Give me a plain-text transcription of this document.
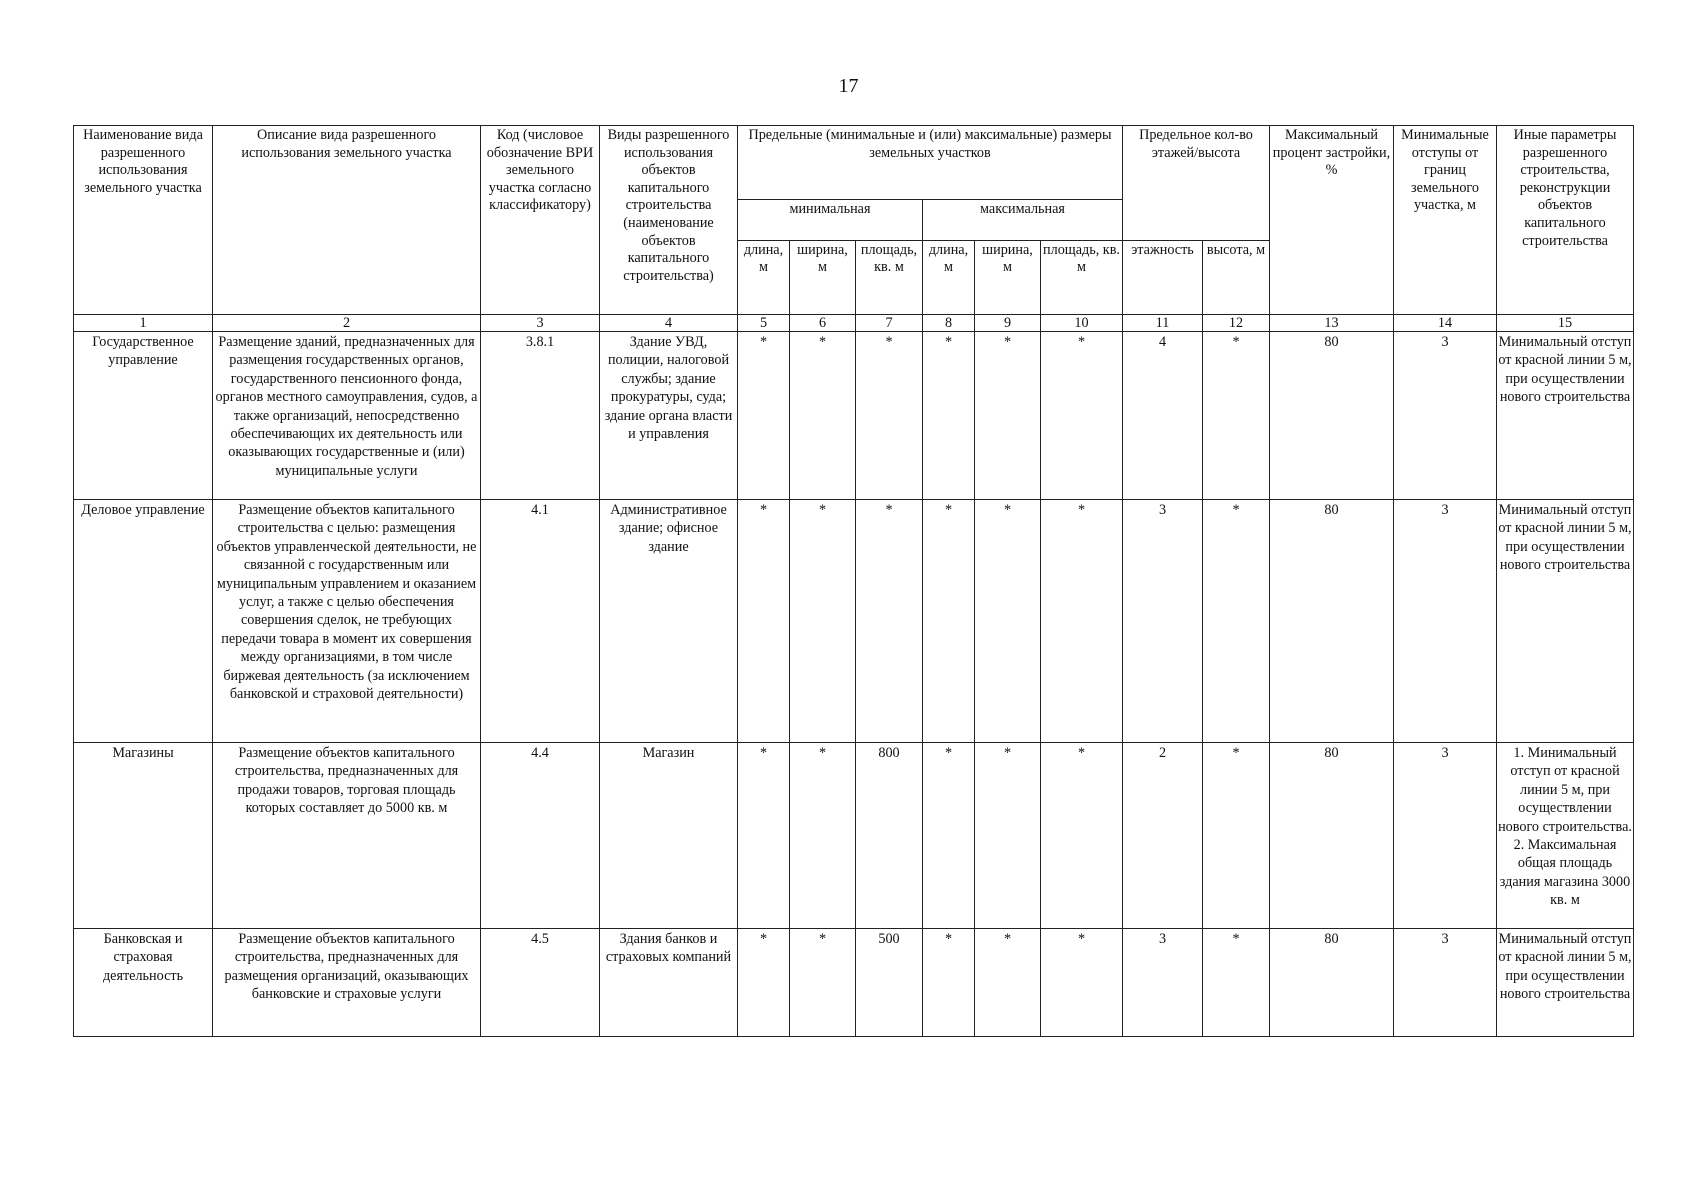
17
Наименование вида разрешенного использования земельного участка	Описание вида разрешенного использования земельного участка	Код (числовое обозначение ВРИ земельного участка согласно классификатору)	Виды разрешенного использования объектов капитального строительства (наименование объектов капитального строительства)	Предельные (минимальные и (или) максимальные) размеры земельных участков						Предельное кол-во этажей/высота		Максимальный процент застройки, %	Минимальные отступы от границ земельного участка, м	Иные параметры разрешенного строительства, реконструкции объектов капитального строительства
				минимальная			максимальная							
				длина, м	ширина, м	площадь, кв. м	длина, м	ширина, м	площадь, кв. м	этажность	высота, м			
1	2	3	4	5	6	7	8	9	10	11	12	13	14	15
Государственное управление	Размещение зданий, предназначенных для размещения государственных органов, государственного пенсионного фонда, органов местного самоуправления, судов, а также организаций, непосредственно обеспечивающих их деятельность или оказывающих государственные и (или) муниципальные услуги	3.8.1	Здание УВД, полиции, налоговой службы; здание прокуратуры, суда; здание органа власти и управления	*	*	*	*	*	*	4	*	80	3	Минимальный отступ от красной линии 5 м, при осуществлении нового строительства
Деловое управление	Размещение объектов капитального строительства с целью: размещения объектов управленческой деятельности, не связанной с государственным или муниципальным управлением и оказанием услуг, а также с целью обеспечения совершения сделок, не требующих передачи товара в момент их совершения между организациями, в том числе биржевая деятельность (за исключением банковской и страховой деятельности)	4.1	Административное здание; офисное здание	*	*	*	*	*	*	3	*	80	3	Минимальный отступ от красной линии 5 м, при осуществлении нового строительства
Магазины	Размещение объектов капитального строительства, предназначенных для продажи товаров, торговая площадь которых составляет до 5000 кв. м	4.4	Магазин	*	*	800	*	*	*	2	*	80	3	1. Минимальный отступ от красной линии 5 м, при осуществлении нового строительства. 2. Максимальная общая площадь здания магазина 3000 кв. м
Банковская и страховая деятельность	Размещение объектов капитального строительства, предназначенных для размещения организаций, оказывающих банковские и страховые услуги	4.5	Здания банков и страховых компаний	*	*	500	*	*	*	3	*	80	3	Минимальный отступ от красной линии 5 м, при осуществлении нового строительства
